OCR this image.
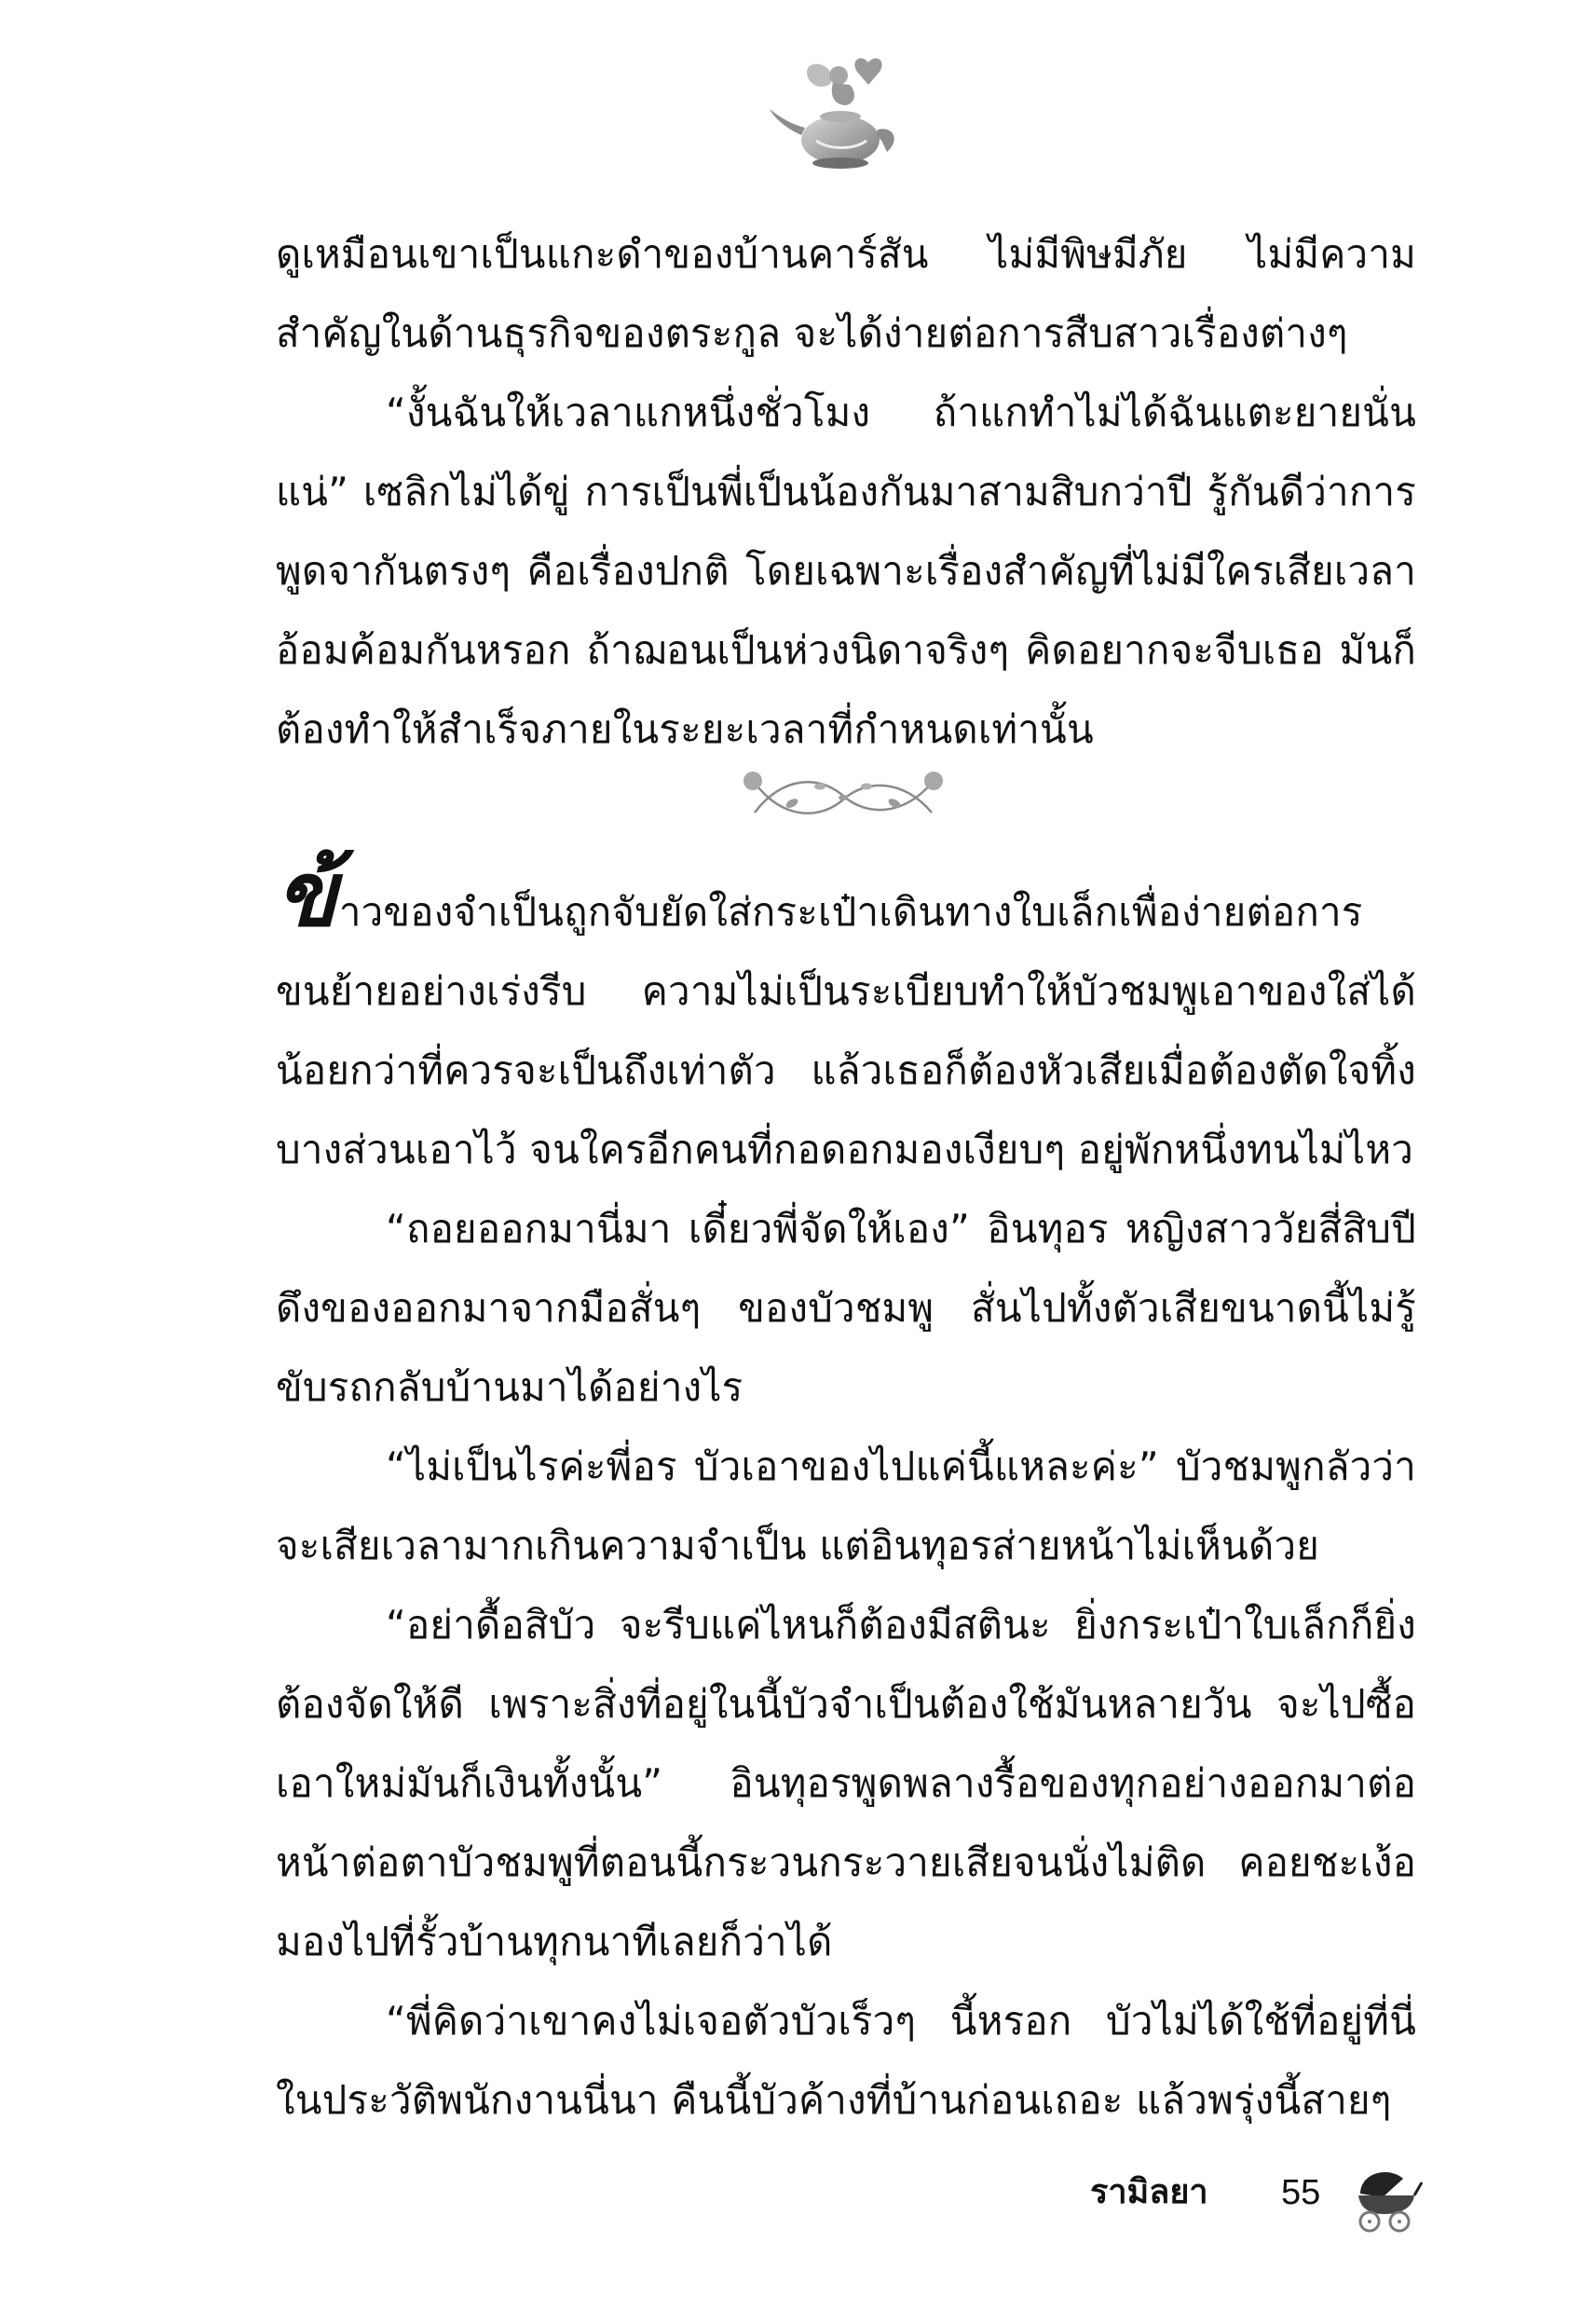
ดูเหมือนเขาเป็นแกะดำของบ้านคาร์สัน ไม่มีพิษมีภัย ไม่มีความสำคัญในด้านธุรกิจของตระกูล จะได้ง่ายต่อการสืบสาวเรื่องต่างๆ

“งั้นฉันให้เวลาแกหนึ่งชั่วโมง ถ้าแกทำไม่ได้ฉันแตะยายนั่นแน่” เซลิกไม่ได้ขู่ การเป็นพี่เป็นน้องกันมาสามสิบกว่าปี รู้กันดีว่าการพูดจากันตรงๆ คือเรื่องปกติ โดยเฉพาะเรื่องสำคัญที่ไม่มีใครเสียเวลาอ้อมค้อมกันหรอก ถ้าฌอนเป็นห่วงนิดาจริงๆ คิดอยากจะจีบเธอ มันก็ต้องทำให้สำเร็จภายในระยะเวลาที่กำหนดเท่านั้น

ข้าวของจำเป็นถูกจับยัดใส่กระเป๋าเดินทางใบเล็กเพื่อง่ายต่อการขนย้ายอย่างเร่งรีบ ความไม่เป็นระเบียบทำให้บัวชมพูเอาของใส่ได้น้อยกว่าที่ควรจะเป็นถึงเท่าตัว แล้วเธอก็ต้องหัวเสียเมื่อต้องตัดใจทิ้งบางส่วนเอาไว้ จนใครอีกคนที่กอดอกมองเงียบๆ อยู่พักหนึ่งทนไม่ไหว

“ถอยออกมานี่มา เดี๋ยวพี่จัดให้เอง” อินทุอร หญิงสาววัยสี่สิบปีดึงของออกมาจากมือสั่นๆ ของบัวชมพู สั่นไปทั้งตัวเสียขนาดนี้ไม่รู้ขับรถกลับบ้านมาได้อย่างไร

“ไม่เป็นไรค่ะพี่อร บัวเอาของไปแค่นี้แหละค่ะ” บัวชมพูกลัวว่าจะเสียเวลามากเกินความจำเป็น แต่อินทุอรส่ายหน้าไม่เห็นด้วย

“อย่าดื้อสิบัว จะรีบแค่ไหนก็ต้องมีสตินะ ยิ่งกระเป๋าใบเล็กก็ยิ่งต้องจัดให้ดี เพราะสิ่งที่อยู่ในนี้บัวจำเป็นต้องใช้มันหลายวัน จะไปซื้อเอาใหม่มันก็เงินทั้งนั้น” อินทุอรพูดพลางรื้อของทุกอย่างออกมาต่อหน้าต่อตาบัวชมพูที่ตอนนี้กระวนกระวายเสียจนนั่งไม่ติด คอยชะเง้อมองไปที่รั้วบ้านทุกนาทีเลยก็ว่าได้

“พี่คิดว่าเขาคงไม่เจอตัวบัวเร็วๆ นี้หรอก บัวไม่ได้ใช้ที่อยู่ที่นี่ในประวัติพนักงานนี่นา คืนนี้บัวค้างที่บ้านก่อนเถอะ แล้วพรุ่งนี้สายๆ

รามิลยา 55
